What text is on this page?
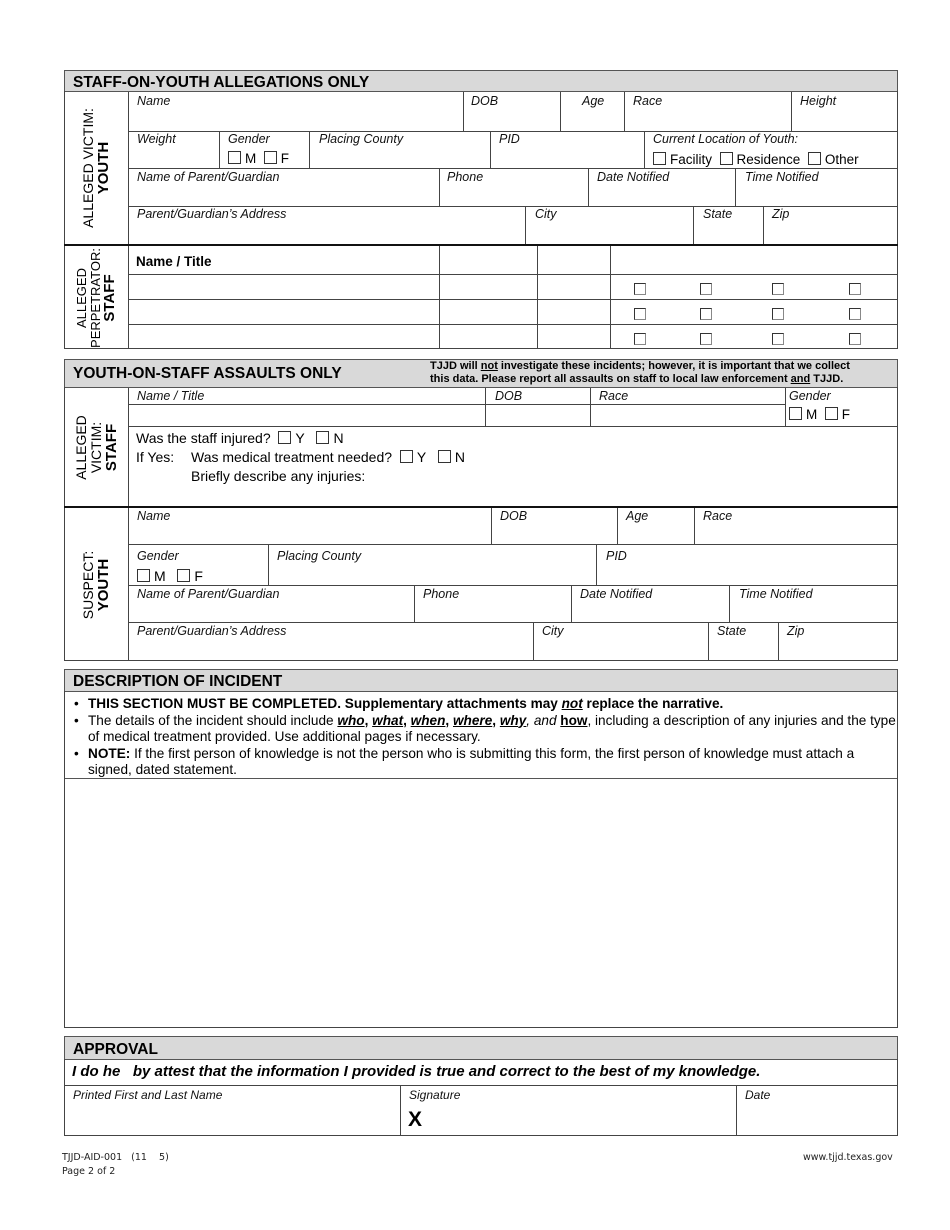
STAFF-ON-YOUTH ALLEGATIONS ONLY
ALLEGED VICTIM:
YOUTH
Name	DOB	Age Race	Height
Weight	Gender
M F
Placing County	PID	Current Location of Youth:
Facility Residence Other
Name of Parent/Guardian	Phone	Date Notified	Time Notified
Parent/Guardian’s Address	City	State	Zip
ALLEGED
PERPETRATOR:
STAFF
Name / Title
YOUTH-ON-STAFF ASSAULTS ONLY	TJJD will not investigate these incidents; however, it is important that we collect
this data. Please report all assaults on staff to local law enforcement and TJJD.
ALLEGED
VICTIM:
STAFF
Name / Title	DOB	Race	Gender
M F
Was the staff injured? Y N
If Yes: Was medical treatment needed? Y N
Briefly describe any injuries:
SUSPECT:
YOUTH
Name	DOB	Age	Race
Gender
M F
Placing County	PID
Name of Parent/Guardian	Phone	Date Notified	Time Notified
Parent/Guardian’s Address	City	State	Zip
DESCRIPTION OF INCIDENT
• THIS SECTION MUST BE COMPLETED. Supplementary attachments may not replace the narrative.
• The details of the incident should include who, what, when, where, why, and how, including a description of any injuries and the type of medical treatment provided. Use additional pages if necessary.
• NOTE: If the first person of knowledge is not the person who is submitting this form, the first person of knowledge must attach a signed, dated statement.
APPROVAL
I do he   by attest that the information I provided is true and correct to the best of my knowledge.
Printed First and Last Name	Signature
X
Date
TJJD-AID-001   (11    5)
Page 2 of 2
www.tjjd.texas.gov
